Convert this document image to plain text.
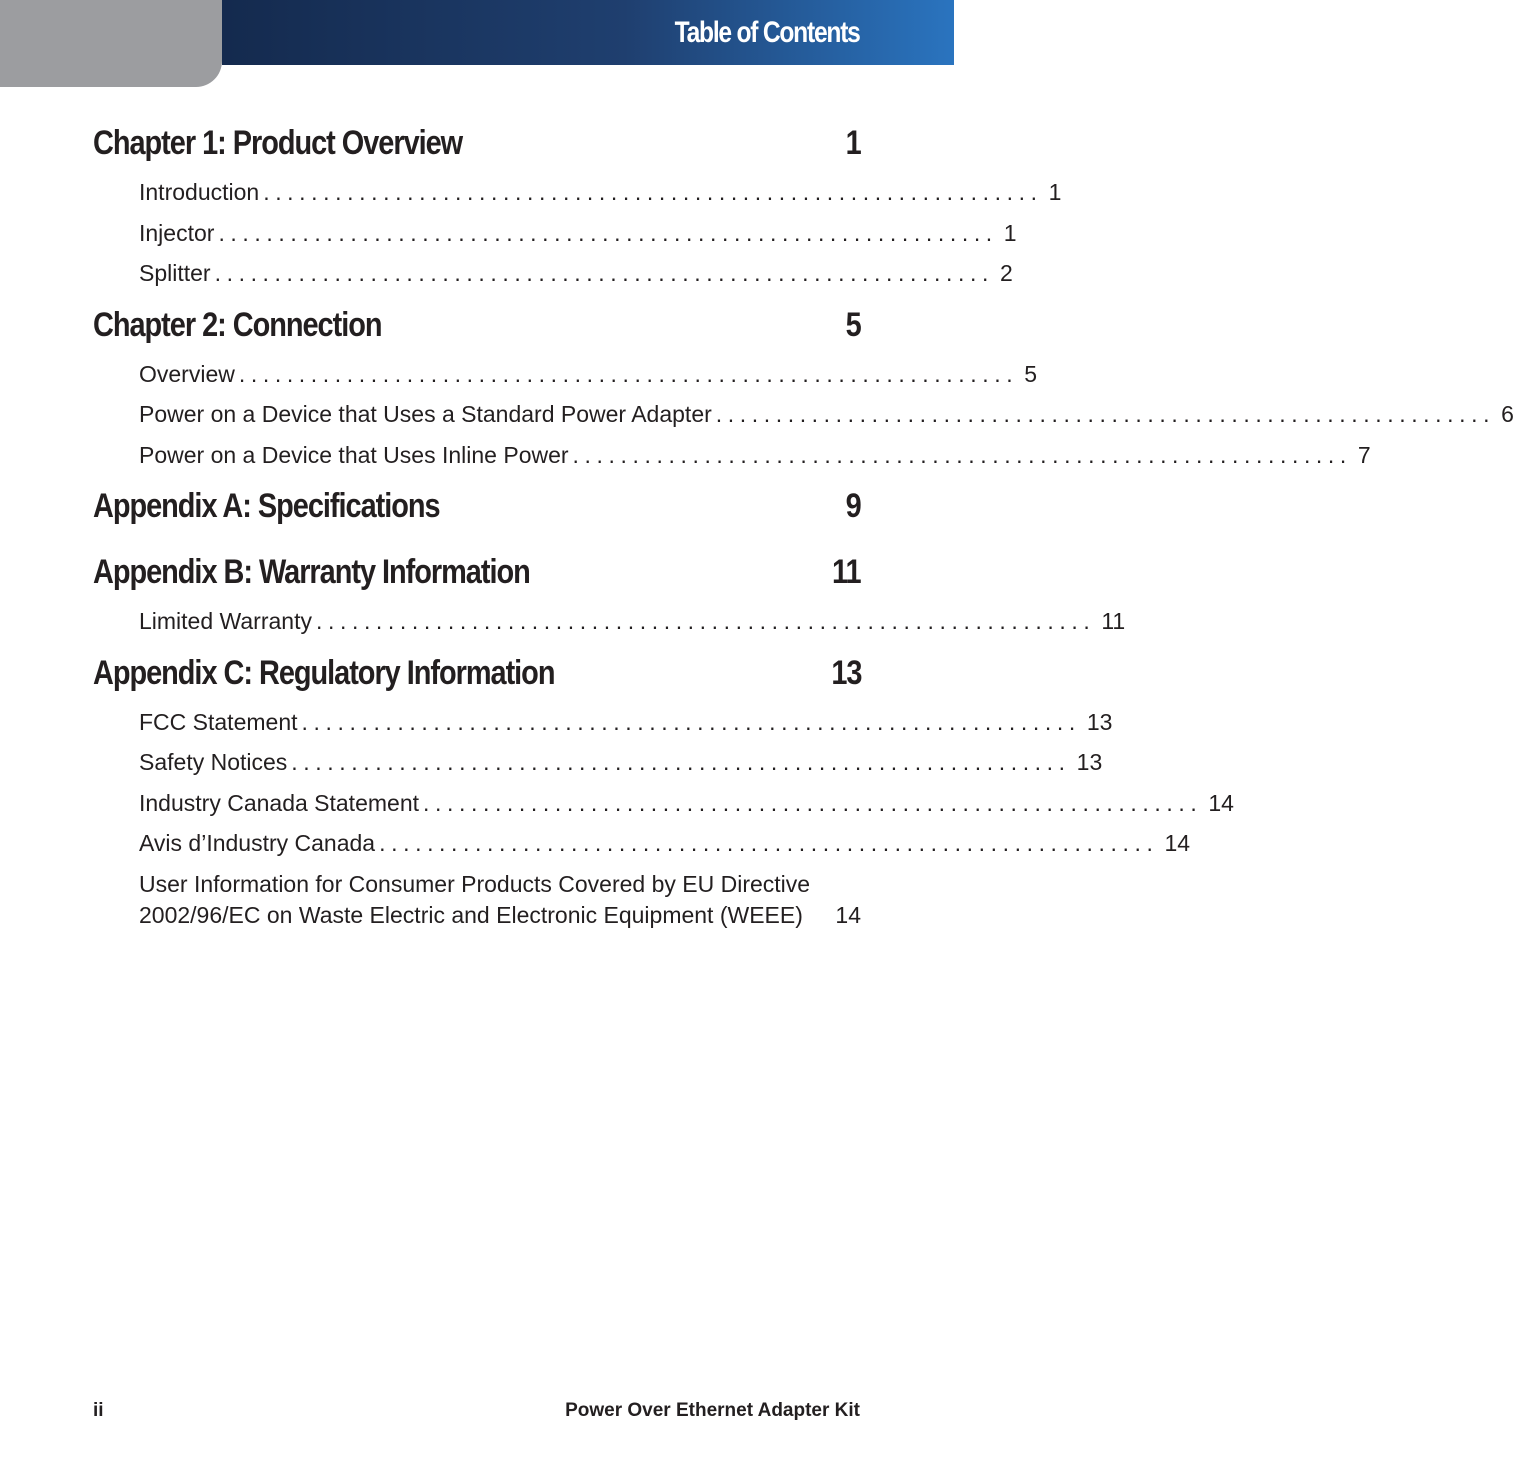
Table of Contents
Chapter 1: Product Overview	1
Introduction ................................................................. 1
Injector ................................................................. 1
Splitter ................................................................. 2
Chapter 2: Connection	5
Overview ................................................................. 5
Power on a Device that Uses a Standard Power Adapter ................................................................. 6
Power on a Device that Uses Inline Power ................................................................. 7
Appendix A: Specifications	9
Appendix B: Warranty Information	11
Limited Warranty ................................................................. 11
Appendix C: Regulatory Information	13
FCC Statement ................................................................. 13
Safety Notices ................................................................. 13
Industry Canada Statement ................................................................. 14
Avis d’Industry Canada ................................................................. 14
User Information for Consumer Products Covered by EU Directive
2002/96/EC on Waste Electric and Electronic Equipment (WEEE) 14
ii	Power Over Ethernet Adapter Kit
